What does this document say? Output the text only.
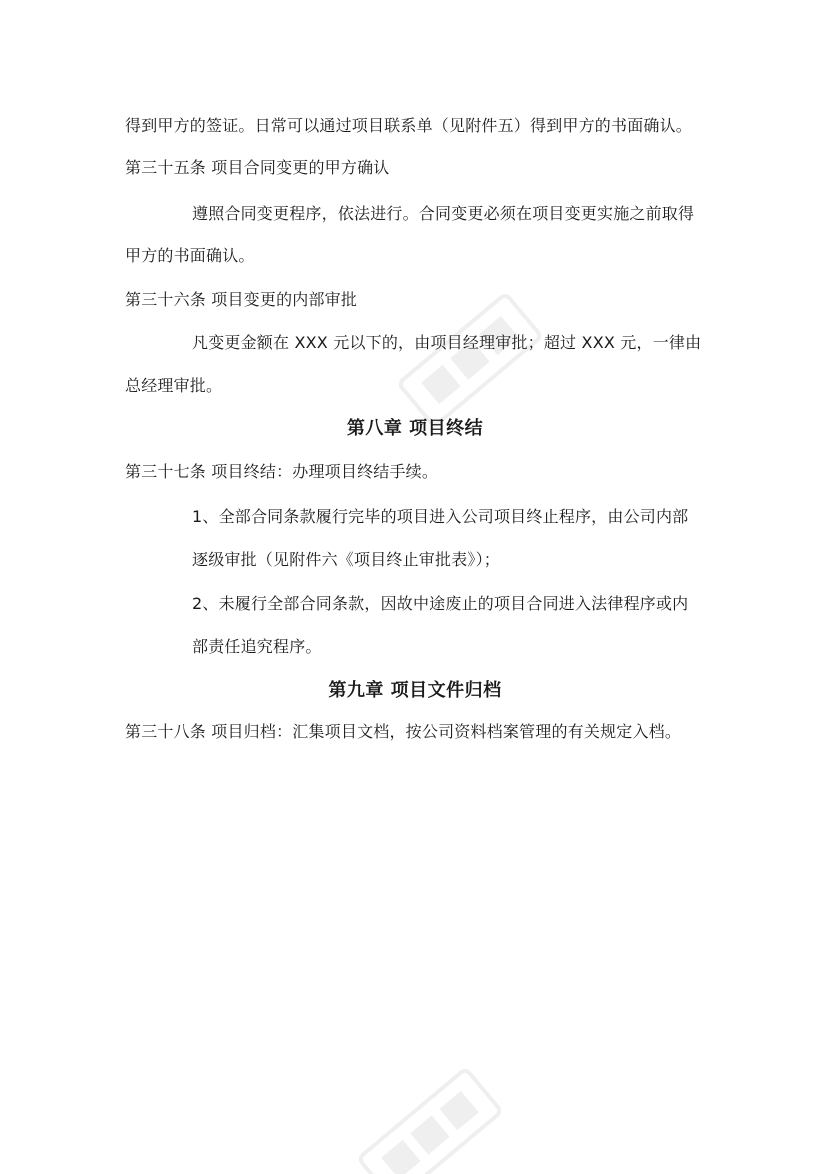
得到甲方的签证。日常可以通过项目联系单（见附件五）得到甲方的书面确认。
第三十五条 项目合同变更的甲方确认
遵照合同变更程序，依法进行。合同变更必须在项目变更实施之前取得
甲方的书面确认。
第三十六条 项目变更的内部审批
凡变更金额在 XXX 元以下的，由项目经理审批；超过 XXX 元，一律由
总经理审批。
第八章 项目终结
第三十七条 项目终结：办理项目终结手续。
1、全部合同条款履行完毕的项目进入公司项目终止程序，由公司内部
逐级审批（见附件六《项目终止审批表》）；
2、未履行全部合同条款，因故中途废止的项目合同进入法律程序或内
部责任追究程序。
第九章 项目文件归档
第三十八条 项目归档：汇集项目文档，按公司资料档案管理的有关规定入档。
